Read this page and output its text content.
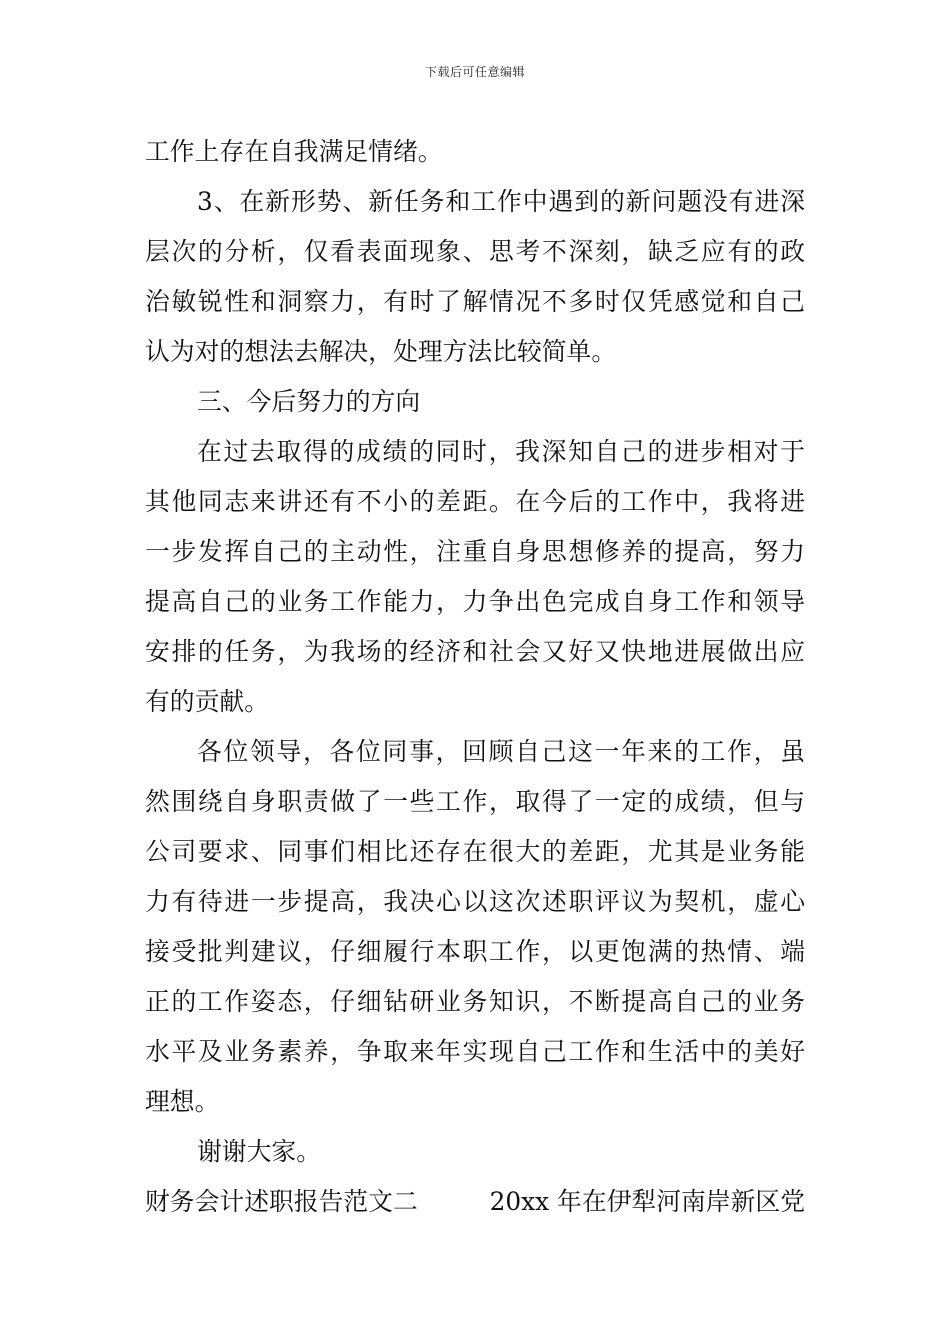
下载后可任意编辑
工作上存在自我满足情绪。
3、在新形势、新任务和工作中遇到的新问题没有进深
层次的分析，仅看表面现象、思考不深刻，缺乏应有的政
治敏锐性和洞察力，有时了解情况不多时仅凭感觉和自己
认为对的想法去解决，处理方法比较简单。
三、今后努力的方向
在过去取得的成绩的同时，我深知自己的进步相对于
其他同志来讲还有不小的差距。在今后的工作中，我将进
一步发挥自己的主动性，注重自身思想修养的提高，努力
提高自己的业务工作能力，力争出色完成自身工作和领导
安排的任务，为我场的经济和社会又好又快地进展做出应
有的贡献。
各位领导，各位同事，回顾自己这一年来的工作，虽
然围绕自身职责做了一些工作，取得了一定的成绩，但与
公司要求、同事们相比还存在很大的差距，尤其是业务能
力有待进一步提高，我决心以这次述职评议为契机，虚心
接受批判建议，仔细履行本职工作，以更饱满的热情、端
正的工作姿态，仔细钻研业务知识，不断提高自己的业务
水平及业务素养，争取来年实现自己工作和生活中的美好
理想。
谢谢大家。
财务会计述职报告范文二	20xx 年在伊犁河南岸新区党
